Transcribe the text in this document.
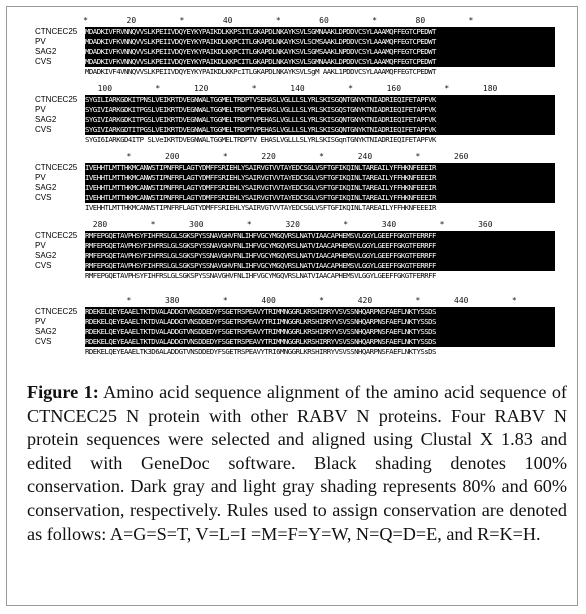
*        20         *        40         *        60         *        80         *
CTNCEC25	MDADKIVFRVNNQVVSLKPEIIVDQYEYKYPAIKDLKKPSITLGKAPDLNKAYKSVLSGMNAAKLDPDDVCSYLAAAMQFFEGTCPEDWT
PV	MDADKIVFKVNNQVVSLKPEIIVDQYEYKYPAIKDLKKPCITLGKAPDLNKAYKSVLSCMSAAKLDPDDVCSYLAAAMQFFEGTCPEDWT
SAG2	MDADKIVFKVNNQVVSLKPEIIVDQYEYKYPAIKDLKKPCITLGKAPDLNKAYKSVLSGMSAAKLNPDDVCSYLAAAMQFFEGTCPEDWT
CVS	MDADKIVFKVNNQVVSLKPEIIVDQYEYKYPAIKDLKKPCITLGKAPDLNKAYKSVLSGMNAAKLDPDDVCSYLAAAMQFFEGTCPEDWT
MDADKIVF4VNNQVVSLKPEIIVDQYEYKYPAIKDLKKPcITLGKAPDLNKAYKSVLSgM AAKL1PDDVCSYLAAAMQFFEGTCPEDWT
100         *       120         *       140         *       160         *       180
CTNCEC25	SYGILIARKGDKITPNSLVEIKRTDVEGNWALTGGMELTRDPTVSEHASLVGLLLSLYRLSKISGQNTGNYKTNIADRIEQIFETAPFVK
PV	SYGIVIARKGDKITPGSLVEIKRTDVEGNWALTGGMELTRDPTVPEHASLVGLLLSLYRLSKISGQSTGNYKTNIADRIEQIFETAPFVK
SAG2	SYGIVIARKGDKITPGSLVEIKRTDVEGNWALTGGMELTRDPTVPEHASLVGLLLSLYRLSKISGQNTGNYKTNIADRIEQIFETAPFVK
CVS	SYGIVIARKGDTITPGSLVEIKRTDVEGNWALTGGMELTRDPTVPEHASLVGLLLSLYRLSKISGQNTGNYKTNIADRIEQIFETAPFVK
SYGI6IARKGD4ITP SLVeIKRTDVEGNWALTGGMELTRDPTV EHASLVGLLLSLYRLSKISGqnTGNYKTNIADRIEQIFETAPFVK
*       200         *       220         *       240         *       260
CTNCEC25	IVEHHTLMTTHKMCANWSTIPNFRFLAGTYDMFFSRIEHLYSAIRVGTVVTAYEDCSGLVSFTGFIKQINLTAREAILYFFHKNFEEEIR
PV	IVEHHTLMTTHKMCANWSTIPNFRFLAGTYDMFFSRIEHLYSAIRVGTVVTAYEDCSGLVSFTGFIKQINLTAREAILYFFHKNFEEEIR
SAG2	IVEHHTLMTTHKMCANWSTIPNFRFLAGTYDMFFSRIEHLYSAIRVGTVVTAYEDCSGLVSFTGFIKQINLTAREAILYFFHKNFEEEIR
CVS	IVEHHTLMTTHKMCANWSTIPNFRFLAGTYDMFFSRIEHLYSAIRVGTVVTAYEDCSGLVSFTGFIKQINLTAREAILYFFHKNFEEEIR
IVEHHTLMTTHKMCANWSTIPNFRFLAGTYDMFFSRIEHLYSAIRVGTVVTAYEDCSGLVSFTGFIKQINLTAREAILYFFHKNFEEEIR
280         *       300         *       320         *       340         *       360
CTNCEC25	RMFEPGQETAVPHSYFIHFRSLGLSGKSPYSSNAVGHVFNLIHFVGCYMGQVRSLNATVIAACAPHEMSVLGGYLGEEFFGKGTFERRFF
PV	RMFEPGQETAVPHSYFIHFRSLGLSGKSPYSSNAVGHVFNLIHFVGCYMGQVRSLNATVIAACAPHEMSVLGGYLGEEFFGKGTFERRFF
SAG2	RMFEPGQETAVPHSYFIHFRSLGLSGKSPYSSNAVGHVFNLIHFVGCYMGQVRSLNATVIAACAPHEMSVLGGYLGEEFFGKGTFERRFF
CVS	RMFEPGQETAVPHSYFIHFRSLGLSGKSPYSSNAVGHVFNLIHFVGCYMGQVRSLNATVIAACAPHEMSVLGGYLGEEFFGKGTFERRFF
RMFEPGQETAVPHSYFIHFRSLGLSGKSPYSSNAVGHVFNLIHFVGCYMGQVRSLNATVIAACAPHEMSVLGGYLGEEFFGKGTFERRFF
*       380         *       400         *       420         *       440         *
CTNCEC25	RDEKELQEYEAAELTKTDVALADDGTVNSDDEDYFSGETRSPEAVYTRIMMNGGRLKRSHIRRYVSVSSNHQARPNSFAEFLNKTYSSDS
PV	RDEKELQEYEAAELTKTDVALADDGTVNSDDEDYFSGETRSPEAVYTRIIMNGGRLKRSHIRRYVSVSSNHQARPNSFAEFLNKTYSSDS
SAG2	RDEKELQEYEAAELTKTDVALADDGTVNSDDEDYFSGETRSPEAVYTRIMMNGGRLKRSHIRRYVSVSSNHQARPNSFAEFLNKTYSSDS
CVS	RDEKELQEYEAAELTKTDVALADDGTVNSDDEDYFSGETRSPEAVYTRIMMNGGRLKRSHIRRYVSVSSNHQARPNSFAEFLNKTYSSDS
RDEKELQEYEAAELTK3D6ALADDGTVNSDDEDYFSGETRSPEAVYTRI6MNGGRLKRSHIRRYVSVSSNHQARPNSFAEFLNKTYSsDS
Figure 1: Amino acid sequence alignment of the amino acid sequence of CTNCEC25 N protein with other RABV N proteins. Four RABV N protein sequences were selected and aligned using Clustal X 1.83 and edited with GeneDoc software. Black shading denotes 100% conservation. Dark gray and light gray shading represents 80% and 60% conservation, respectively. Rules used to assign conservation are denoted as follows: A=G=S=T, V=L=I =M=F=Y=W, N=Q=D=E, and R=K=H.
